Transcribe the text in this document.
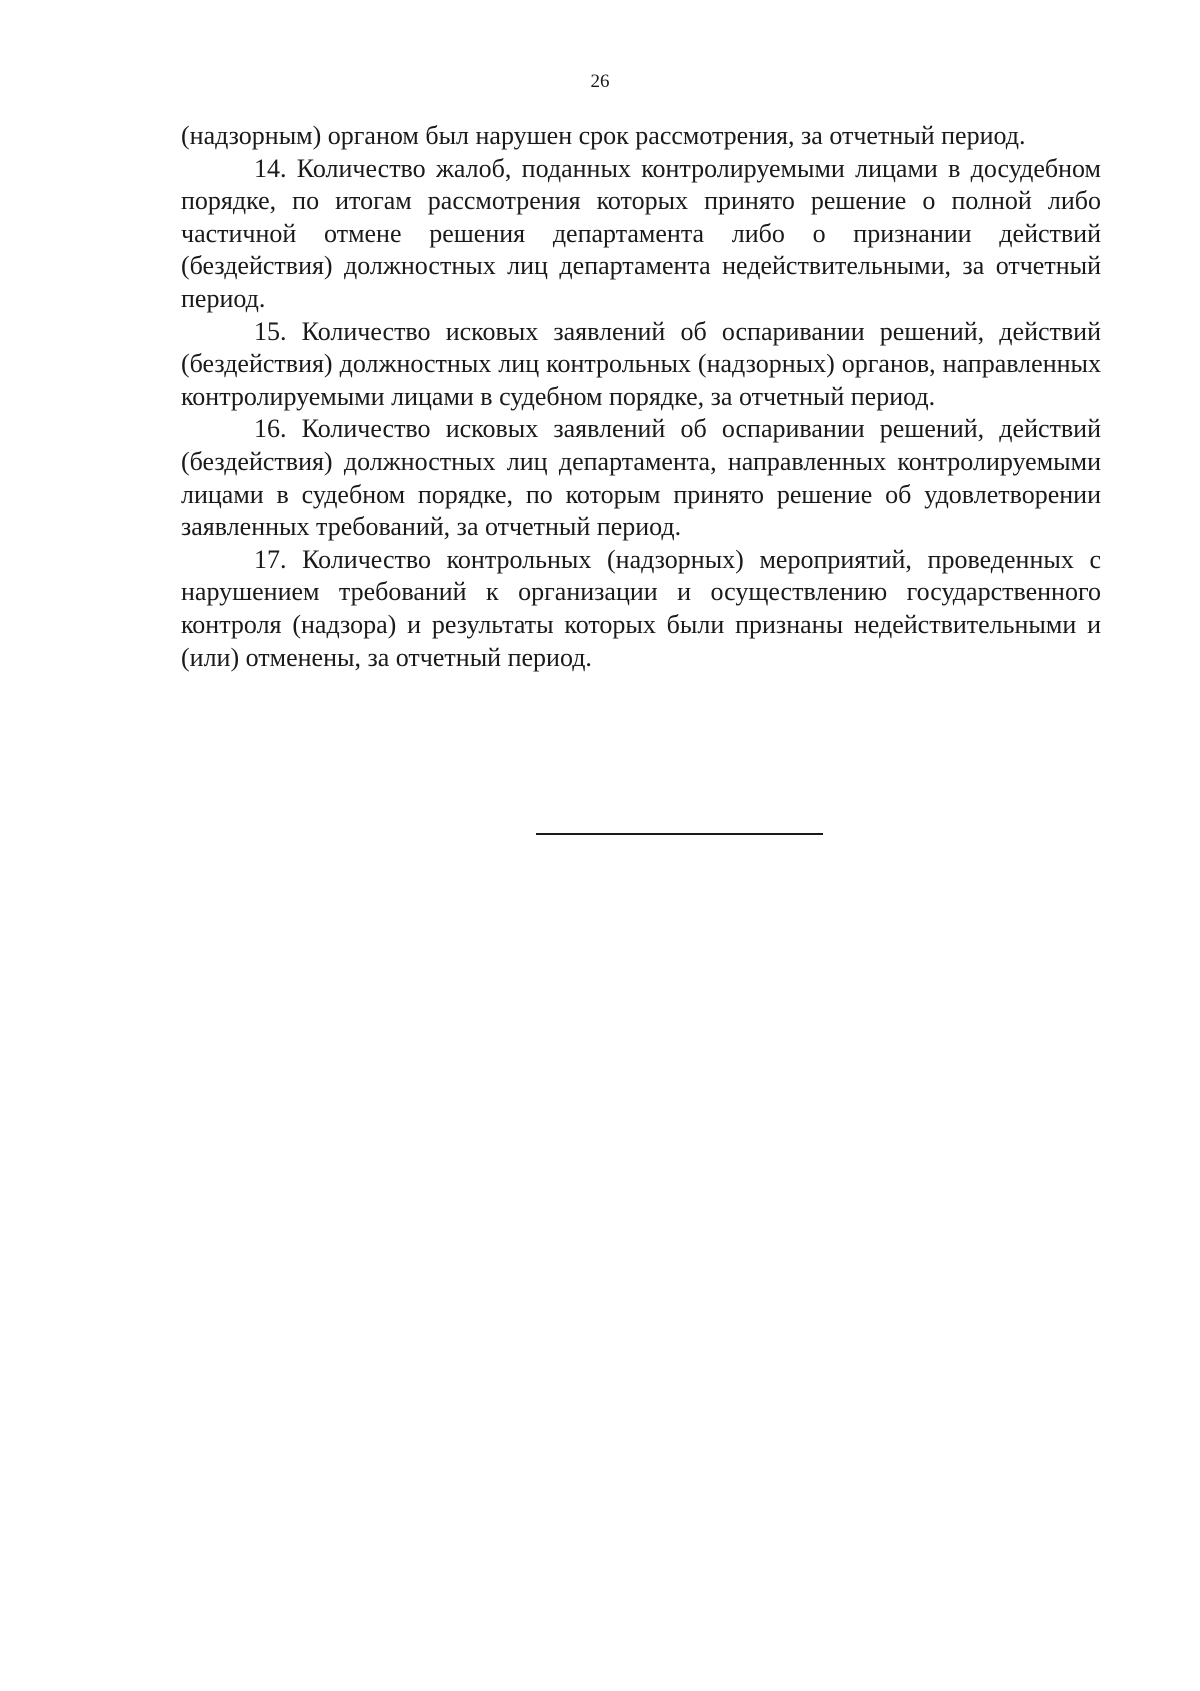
26

(надзорным) органом был нарушен срок рассмотрения, за отчетный период.

14. Количество жалоб, поданных контролируемыми лицами в досудебном порядке, по итогам рассмотрения которых принято решение о полной либо частичной отмене решения департамента либо о признании действий (бездействия) должностных лиц департамента недействительными, за отчетный период.

15. Количество исковых заявлений об оспаривании решений, действий (бездействия) должностных лиц контрольных (надзорных) органов, направленных контролируемыми лицами в судебном порядке, за отчетный период.

16. Количество исковых заявлений об оспаривании решений, действий (бездействия) должностных лиц департамента, направленных контролируемыми лицами в судебном порядке, по которым принято решение об удовлетворении заявленных требований, за отчетный период.

17. Количество контрольных (надзорных) мероприятий, проведенных с нарушением требований к организации и осуществлению государственного контроля (надзора) и результаты которых были признаны недействительными и (или) отменены, за отчетный период.
